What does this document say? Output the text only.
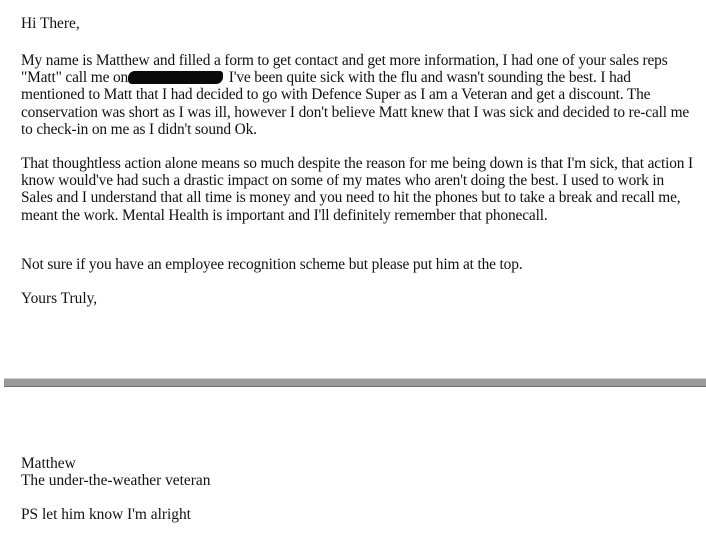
Hi There,

My name is Matthew and filled a form to get contact and get more information, I had one of your sales reps "Matt" call me on	I've been quite sick with the flu and wasn't sounding the best. I had mentioned to Matt that I had decided to go with Defence Super as I am a Veteran and get a discount. The conservation was short as I was ill, however I don't believe Matt knew that I was sick and decided to re-call me to check-in on me as I didn't sound Ok.

That thoughtless action alone means so much despite the reason for me being down is that I'm sick, that action I know would've had such a drastic impact on some of my mates who aren't doing the best. I used to work in Sales and I understand that all time is money and you need to hit the phones but to take a break and recall me, meant the work. Mental Health is important and I'll definitely remember that phonecall.

Not sure if you have an employee recognition scheme but please put him at the top.

Yours Truly,

Matthew
The under-the-weather veteran

PS let him know I'm alright
